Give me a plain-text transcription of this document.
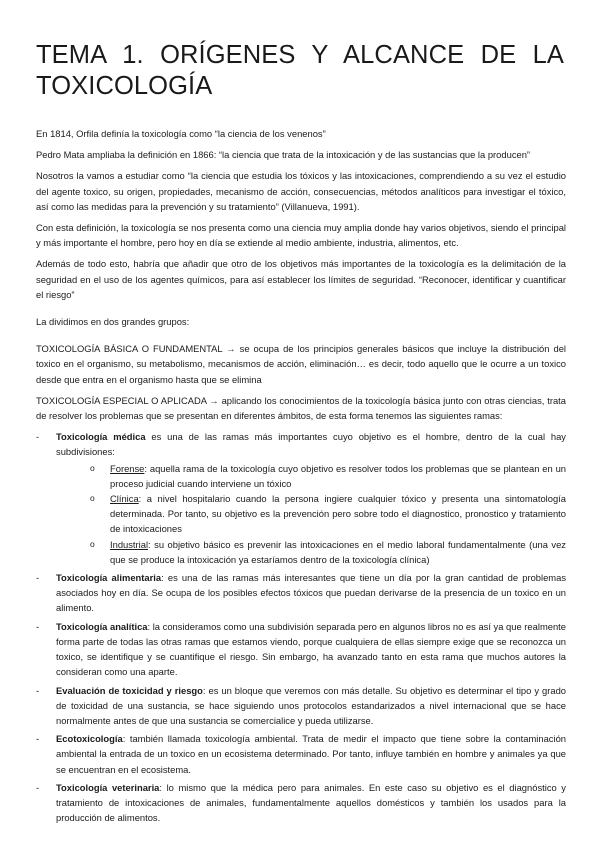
TEMA 1. ORÍGENES Y ALCANCE DE LA TOXICOLOGÍA

En 1814, Orfila definía la toxicología como “la ciencia de los venenos”

Pedro Mata ampliaba la definición en 1866: “la ciencia que trata de la intoxicación y de las sustancias que la producen”

Nosotros la vamos a estudiar como “la ciencia que estudia los tóxicos y las intoxicaciones, comprendiendo a su vez el estudio del agente toxico, su origen, propiedades, mecanismo de acción, consecuencias, métodos analíticos para investigar el tóxico, así como las medidas para la prevención y su tratamiento” (Villanueva, 1991).

Con esta definición, la toxicología se nos presenta como una ciencia muy amplia donde hay varios objetivos, siendo el principal y más importante el hombre, pero hoy en día se extiende al medio ambiente, industria, alimentos, etc.

Además de todo esto, habría que añadir que otro de los objetivos más importantes de la toxicología es la delimitación de la seguridad en el uso de los agentes químicos, para así establecer los límites de seguridad. “Reconocer, identificar y cuantificar el riesgo”

La dividimos en dos grandes grupos:

TOXICOLOGÍA BÁSICA O FUNDAMENTAL → se ocupa de los principios generales básicos que incluye la distribución del toxico en el organismo, su metabolismo, mecanismos de acción, eliminación… es decir, todo aquello que le ocurre a un toxico desde que entra en el organismo hasta que se elimina

TOXICOLOGÍA ESPECIAL O APLICADA → aplicando los conocimientos de la toxicología básica junto con otras ciencias, trata de resolver los problemas que se presentan en diferentes ámbitos, de esta forma tenemos las siguientes ramas:

- Toxicología médica es una de las ramas más importantes cuyo objetivo es el hombre, dentro de la cual hay subdivisiones:
o Forense: aquella rama de la toxicología cuyo objetivo es resolver todos los problemas que se plantean en un proceso judicial cuando interviene un tóxico
o Clínica: a nivel hospitalario cuando la persona ingiere cualquier tóxico y presenta una sintomatología determinada. Por tanto, su objetivo es la prevención pero sobre todo el diagnostico, pronostico y tratamiento de intoxicaciones
o Industrial: su objetivo básico es prevenir las intoxicaciones en el medio laboral fundamentalmente (una vez que se produce la intoxicación ya estaríamos dentro de la toxicología clínica)
- Toxicología alimentaria: es una de las ramas más interesantes que tiene un día por la gran cantidad de problemas asociados hoy en día. Se ocupa de los posibles efectos tóxicos que puedan derivarse de la presencia de un toxico en un alimento.
- Toxicología analítica: la consideramos como una subdivisión separada pero en algunos libros no es así ya que realmente forma parte de todas las otras ramas que estamos viendo, porque cualquiera de ellas siempre exige que se reconozca un toxico, se identifique y se cuantifique el riesgo. Sin embargo, ha avanzado tanto en esta rama que muchos autores la consideran como una aparte.
- Evaluación de toxicidad y riesgo: es un bloque que veremos con más detalle. Su objetivo es determinar el tipo y grado de toxicidad de una sustancia, se hace siguiendo unos protocolos estandarizados a nivel internacional que se hace normalmente antes de que una sustancia se comercialice y pueda utilizarse.
- Ecotoxicología: también llamada toxicología ambiental. Trata de medir el impacto que tiene sobre la contaminación ambiental la entrada de un toxico en un ecosistema determinado. Por tanto, influye también en hombre y animales ya que se encuentran en el ecosistema.
- Toxicología veterinaria: lo mismo que la médica pero para animales. En este caso su objetivo es el diagnóstico y tratamiento de intoxicaciones de animales, fundamentalmente aquellos domésticos y también los usados para la producción de alimentos.
